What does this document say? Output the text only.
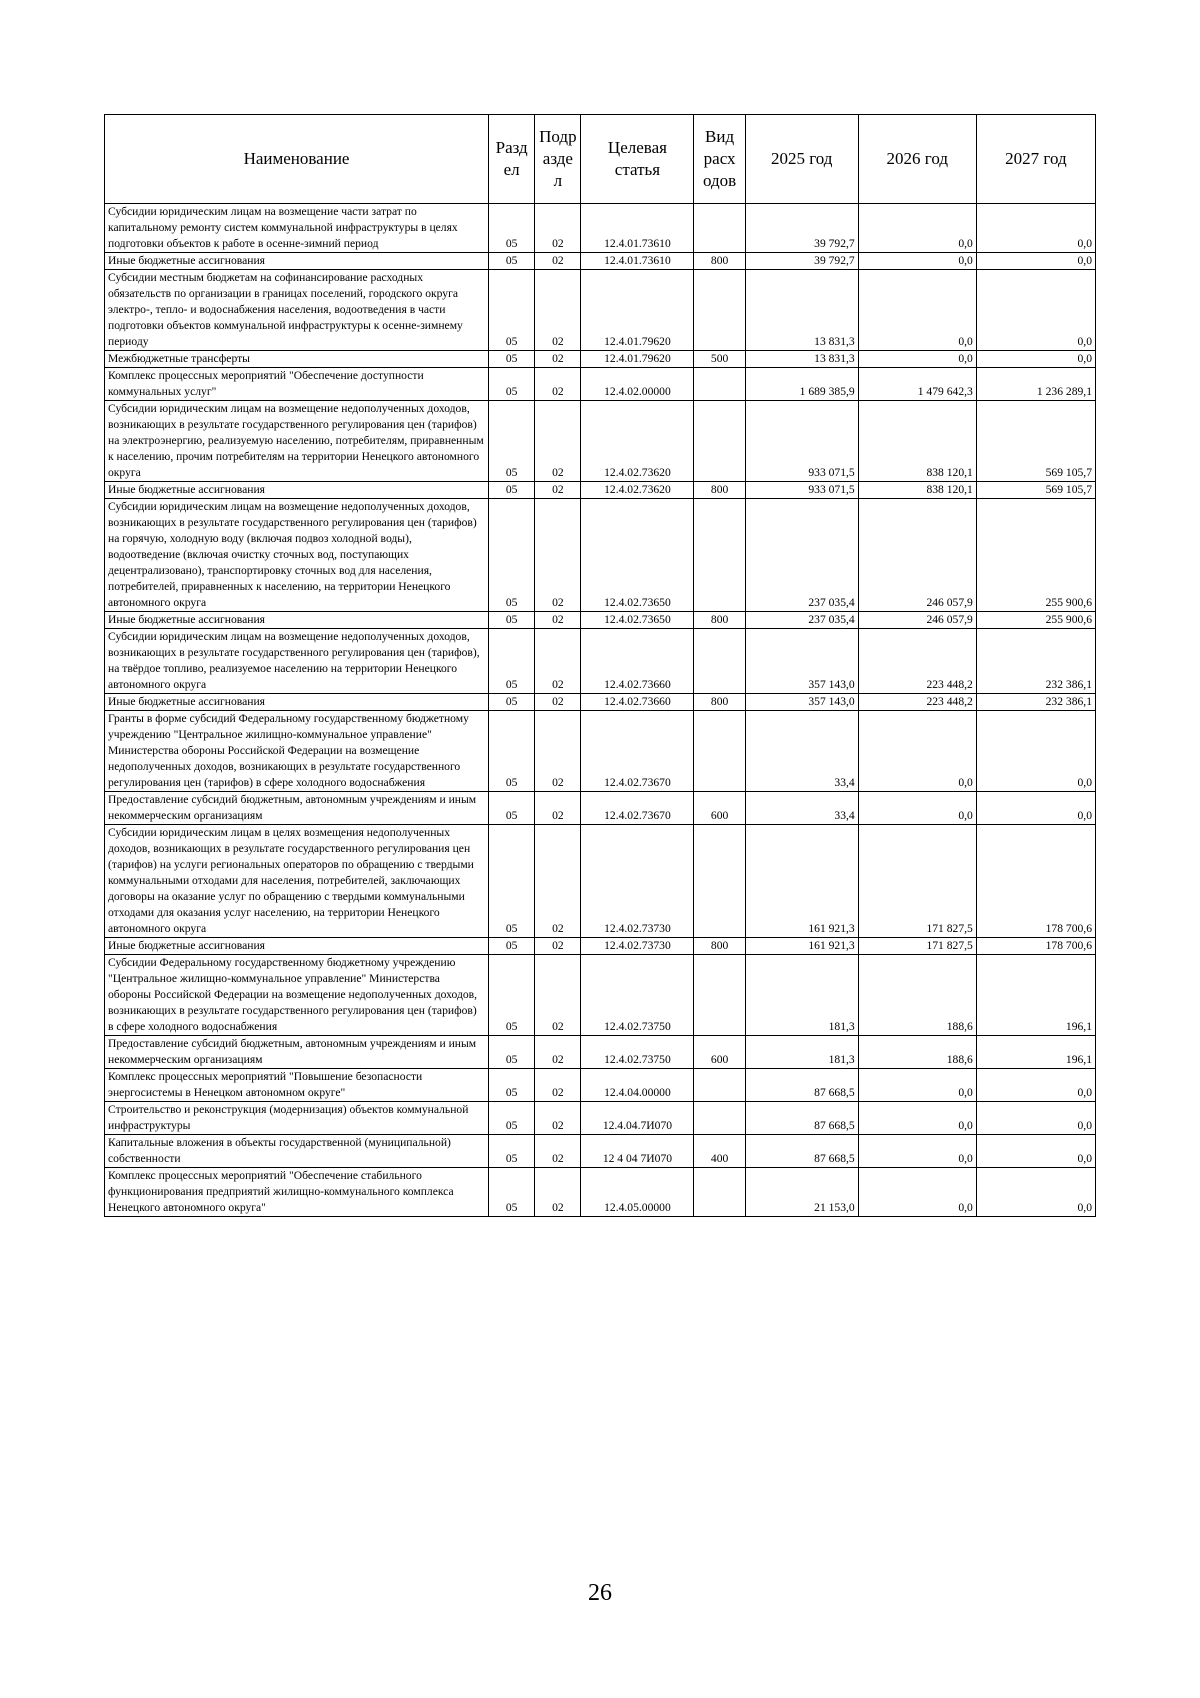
Наименование	Разд ел	Подр азде л	Целевая статья	Вид расх одов	2025 год	2026 год	2027 год
Субсидии юридическим лицам на возмещение части затрат по капитальному ремонту систем коммунальной инфраструктуры в целях подготовки объектов к работе в осенне-зимний период	05	02	12.4.01.73610		39 792,7	0,0	0,0
Иные бюджетные ассигнования	05	02	12.4.01.73610	800	39 792,7	0,0	0,0
Субсидии местным бюджетам на софинансирование расходных обязательств по организации в границах поселений, городского округа электро-, тепло- и водоснабжения населения, водоотведения в части подготовки объектов коммунальной инфраструктуры к осенне-зимнему периоду	05	02	12.4.01.79620		13 831,3	0,0	0,0
Межбюджетные трансферты	05	02	12.4.01.79620	500	13 831,3	0,0	0,0
Комплекс процессных мероприятий "Обеспечение доступности коммунальных услуг"	05	02	12.4.02.00000		1 689 385,9	1 479 642,3	1 236 289,1
Субсидии юридическим лицам на возмещение недополученных доходов, возникающих в результате государственного регулирования цен (тарифов) на электроэнергию, реализуемую населению, потребителям, приравненным к населению, прочим потребителям на территории Ненецкого автономного округа	05	02	12.4.02.73620		933 071,5	838 120,1	569 105,7
Иные бюджетные ассигнования	05	02	12.4.02.73620	800	933 071,5	838 120,1	569 105,7
Субсидии юридическим лицам на возмещение недополученных доходов, возникающих в результате государственного регулирования цен (тарифов) на горячую, холодную воду (включая подвоз холодной воды), водоотведение (включая очистку сточных вод, поступающих децентрализовано), транспортировку сточных вод для населения, потребителей, приравненных к населению, на территории Ненецкого автономного округа	05	02	12.4.02.73650		237 035,4	246 057,9	255 900,6
Иные бюджетные ассигнования	05	02	12.4.02.73650	800	237 035,4	246 057,9	255 900,6
Субсидии юридическим лицам на возмещение недополученных доходов, возникающих в результате государственного регулирования цен (тарифов), на твёрдое топливо, реализуемое населению на территории Ненецкого автономного округа	05	02	12.4.02.73660		357 143,0	223 448,2	232 386,1
Иные бюджетные ассигнования	05	02	12.4.02.73660	800	357 143,0	223 448,2	232 386,1
Гранты в форме субсидий Федеральному государственному бюджетному учреждению "Центральное жилищно-коммунальное управление" Министерства обороны Российской Федерации на возмещение недополученных доходов, возникающих в результате государственного регулирования цен (тарифов) в сфере холодного водоснабжения	05	02	12.4.02.73670		33,4	0,0	0,0
Предоставление субсидий бюджетным, автономным учреждениям и иным некоммерческим организациям	05	02	12.4.02.73670	600	33,4	0,0	0,0
Субсидии юридическим лицам в целях возмещения недополученных доходов, возникающих в результате государственного регулирования цен (тарифов) на услуги региональных операторов по обращению с твердыми коммунальными отходами для населения, потребителей, заключающих договоры на оказание услуг по обращению с твердыми коммунальными отходами для оказания услуг населению, на территории Ненецкого автономного округа	05	02	12.4.02.73730		161 921,3	171 827,5	178 700,6
Иные бюджетные ассигнования	05	02	12.4.02.73730	800	161 921,3	171 827,5	178 700,6
Субсидии Федеральному государственному бюджетному учреждению "Центральное жилищно-коммунальное управление" Министерства обороны Российской Федерации на возмещение недополученных доходов, возникающих в результате государственного регулирования цен (тарифов) в сфере холодного водоснабжения	05	02	12.4.02.73750		181,3	188,6	196,1
Предоставление субсидий бюджетным, автономным учреждениям и иным некоммерческим организациям	05	02	12.4.02.73750	600	181,3	188,6	196,1
Комплекс процессных мероприятий "Повышение безопасности энергосистемы в Ненецком автономном округе"	05	02	12.4.04.00000		87 668,5	0,0	0,0
Строительство и реконструкция (модернизация) объектов коммунальной инфраструктуры	05	02	12.4.04.7И070		87 668,5	0,0	0,0
Капитальные вложения в объекты государственной (муниципальной) собственности	05	02	12 4 04 7И070	400	87 668,5	0,0	0,0
Комплекс процессных мероприятий "Обеспечение стабильного функционирования предприятий жилищно-коммунального комплекса Ненецкого автономного округа"	05	02	12.4.05.00000		21 153,0	0,0	0,0
26
